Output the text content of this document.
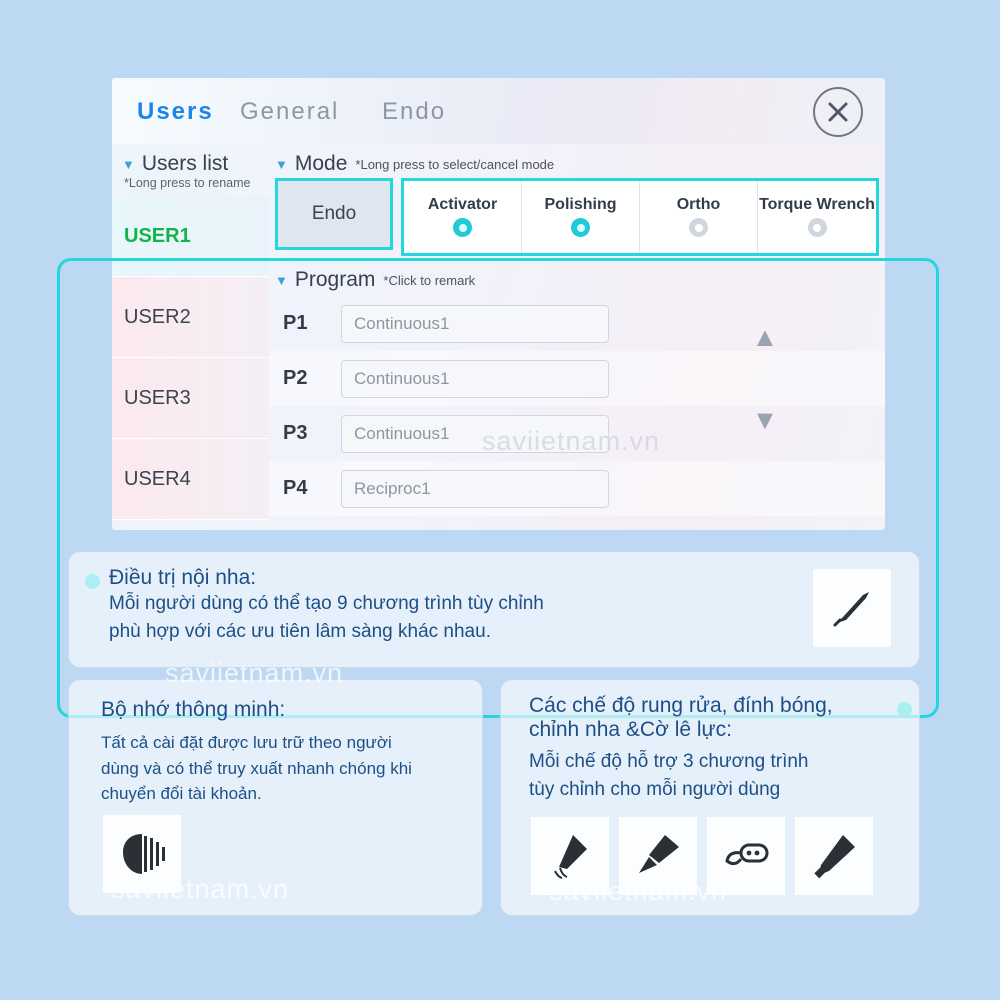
Users General Endo
▼ Users list
*Long press to rename
USER1
USER2
USER3
USER4
▼ Mode *Long press to select/cancel mode
Endo	Activator	Polishing	Ortho Torque Wrench
▼ Program *Click to remark
P1	Continuous1
P2	Continuous1
P3	Continuous1
P4	Reciproc1
▲
▼
saviietnam.vn
Điều trị nội nha:
Mỗi người dùng có thể tạo 9 chương trình tùy chỉnh
phù hợp với các ưu tiên lâm sàng khác nhau.
Bộ nhớ thông minh:
Tất cả cài đặt được lưu trữ theo người
dùng và có thể truy xuất nhanh chóng khi
chuyển đổi tài khoản.
saviietnam.vn
Các chế độ rung rửa, đính bóng,
chỉnh nha &Cờ lê lực:
Mỗi chế độ hỗ trợ 3 chương trình
tùy chỉnh cho mỗi người dùng
saviietnam.vn
saviietnam.vn
